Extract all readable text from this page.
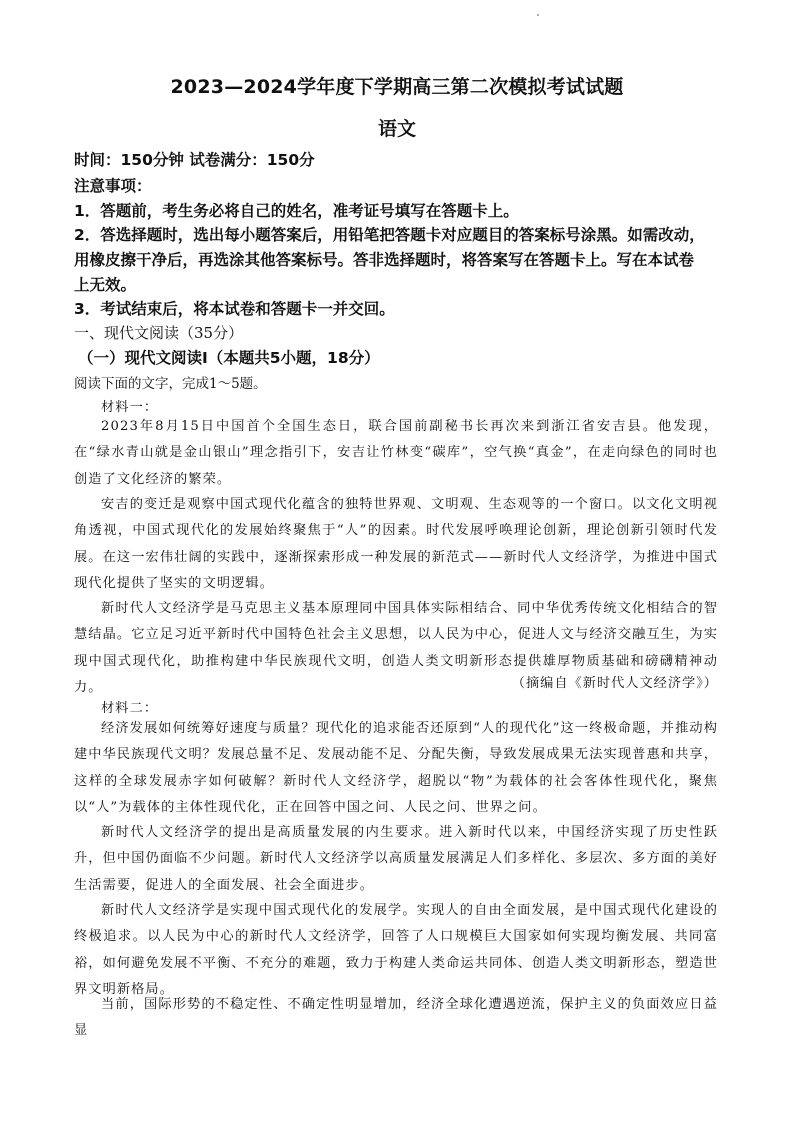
2023—2024学年度下学期高三第二次模拟考试试题
语文
时间：150分钟 试卷满分：150分
注意事项：
1．答题前，考生务必将自己的姓名，准考证号填写在答题卡上。
2．答选择题时，选出每小题答案后，用铅笔把答题卡对应题目的答案标号涂黑。如需改动，
用橡皮擦干净后，再选涂其他答案标号。答非选择题时，将答案写在答题卡上。写在本试卷
上无效。
3．考试结束后，将本试卷和答题卡一并交回。
一、现代文阅读（35分）
（一）现代文阅读Ⅰ（本题共5小题，18分）
阅读下面的文字，完成1～5题。
材料一：
2023年8月15日中国首个全国生态日，联合国前副秘书长再次来到浙江省安吉县。他发现，在“绿水青山就是金山银山”理念指引下，安吉让竹林变“碳库”，空气换“真金”，在走向绿色的同时也创造了文化经济的繁荣。
安吉的变迁是观察中国式现代化蕴含的独特世界观、文明观、生态观等的一个窗口。以文化文明视角透视，中国式现代化的发展始终聚焦于“人”的因素。时代发展呼唤理论创新，理论创新引领时代发展。在这一宏伟壮阔的实践中，逐渐探索形成一种发展的新范式——新时代人文经济学，为推进中国式现代化提供了坚实的文明逻辑。
新时代人文经济学是马克思主义基本原理同中国具体实际相结合、同中华优秀传统文化相结合的智慧结晶。它立足习近平新时代中国特色社会主义思想，以人民为中心，促进人文与经济交融互生，为实现中国式现代化，助推构建中华民族现代文明，创造人类文明新形态提供雄厚物质基础和磅礴精神动力。	（摘编自《新时代人文经济学》）
材料二：
经济发展如何统筹好速度与质量？现代化的追求能否还原到“人的现代化”这一终极命题，并推动构建中华民族现代文明？发展总量不足、发展动能不足、分配失衡，导致发展成果无法实现普惠和共享，这样的全球发展赤字如何破解？新时代人文经济学，超脱以“物”为载体的社会客体性现代化，聚焦以“人”为载体的主体性现代化，正在回答中国之问、人民之问、世界之问。
新时代人文经济学的提出是高质量发展的内生要求。进入新时代以来，中国经济实现了历史性跃升，但中国仍面临不少问题。新时代人文经济学以高质量发展满足人们多样化、多层次、多方面的美好生活需要，促进人的全面发展、社会全面进步。
新时代人文经济学是实现中国式现代化的发展学。实现人的自由全面发展，是中国式现代化建设的终极追求。以人民为中心的新时代人文经济学，回答了人口规模巨大国家如何实现均衡发展、共同富裕，如何避免发展不平衡、不充分的难题，致力于构建人类命运共同体、创造人类文明新形态，塑造世界文明新格局。
当前，国际形势的不稳定性、不确定性明显增加，经济全球化遭遇逆流，保护主义的负面效应日益显
